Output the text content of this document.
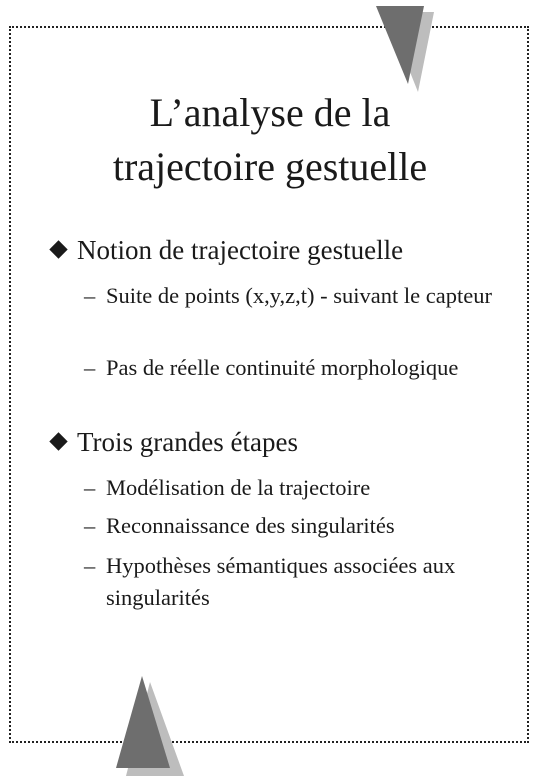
L’analyse de la
trajectoire gestuelle
Notion de trajectoire gestuelle
– Suite de points (x,y,z,t) - suivant le capteur
– Pas de réelle continuité morphologique
Trois grandes étapes
– Modélisation de la trajectoire
– Reconnaissance des singularités
– Hypothèses sémantiques associées aux singularités
